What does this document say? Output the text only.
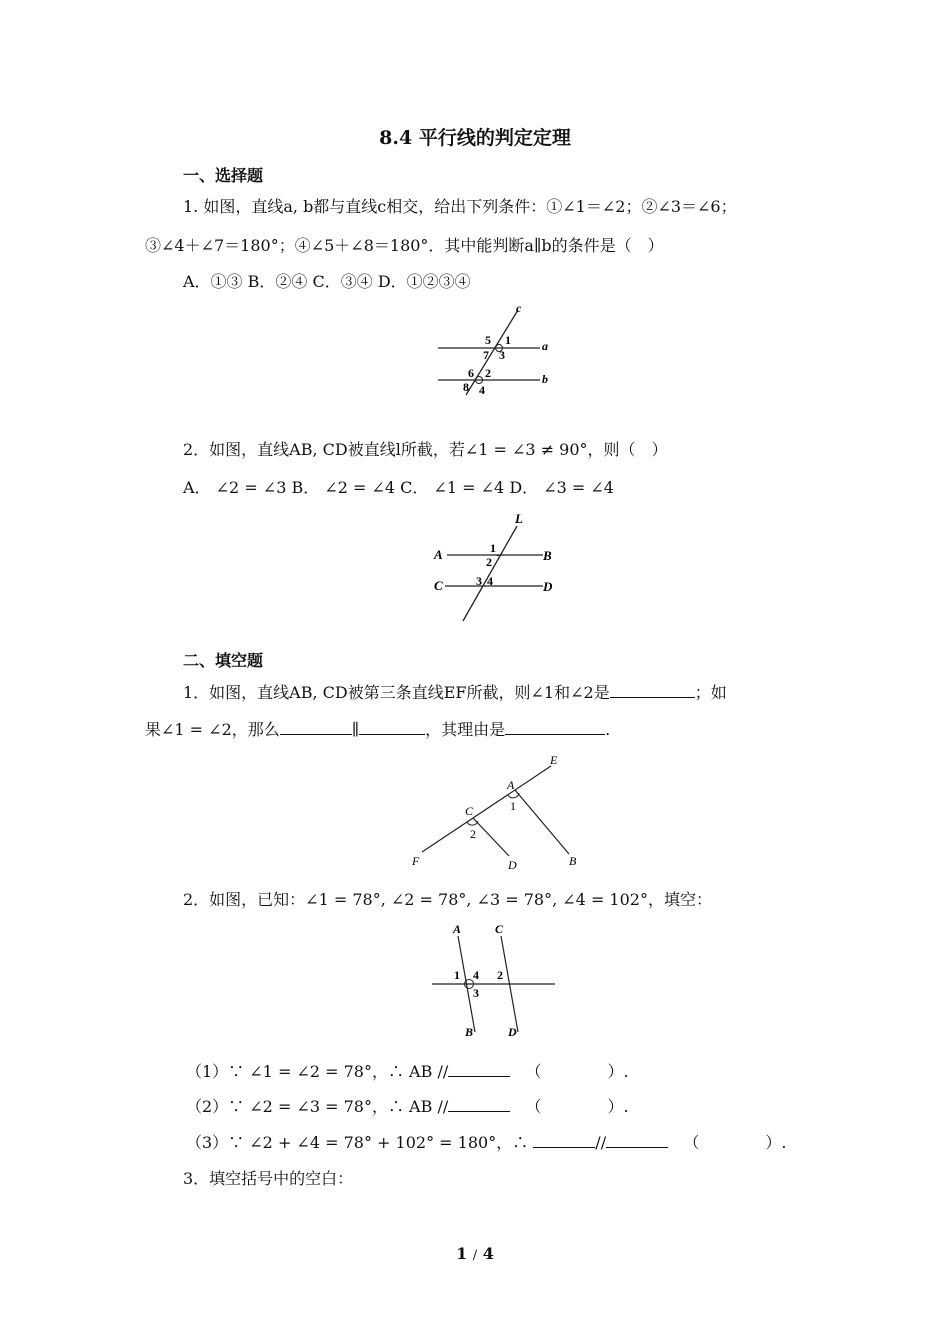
8.4 平行线的判定定理
一、选择题
1. 如图，直线a, b都与直线c相交，给出下列条件：①∠1＝∠2；②∠3＝∠6；
③∠4＋∠7＝180°；④∠5＋∠8＝180°．其中能判断a∥b的条件是（　）
A．①③ B．②④ C．③④ D．①②③④
c
a
b
5 1
7 3
6 2
8 4
2．如图，直线AB, CD被直线l所截，若∠1 = ∠3 ≠ 90°，则（　）
A． ∠2 = ∠3 B． ∠2 = ∠4 C． ∠1 = ∠4 D． ∠3 = ∠4
L
A	B
C	D
1
2
3 4
二、填空题
1．如图，直线AB, CD被第三条直线EF所截，则∠1和∠2是	；如
果∠1 = ∠2，那么	∥	，其理由是	.
E
A
1
C
2
F	D	B
2．如图，已知：∠1 = 78°, ∠2 = 78°, ∠3 = 78°, ∠4 = 102°，填空：
A	C
B	D
1 4 2
3
（1）∵ ∠1 = ∠2 = 78°，∴ AB //	（	）.
（2）∵ ∠2 = ∠3 = 78°，∴ AB //	（	）.
（3）∵ ∠2 + ∠4 = 78° + 102° = 180°，∴	//	（	）.
3．填空括号中的空白：
1 / 4
